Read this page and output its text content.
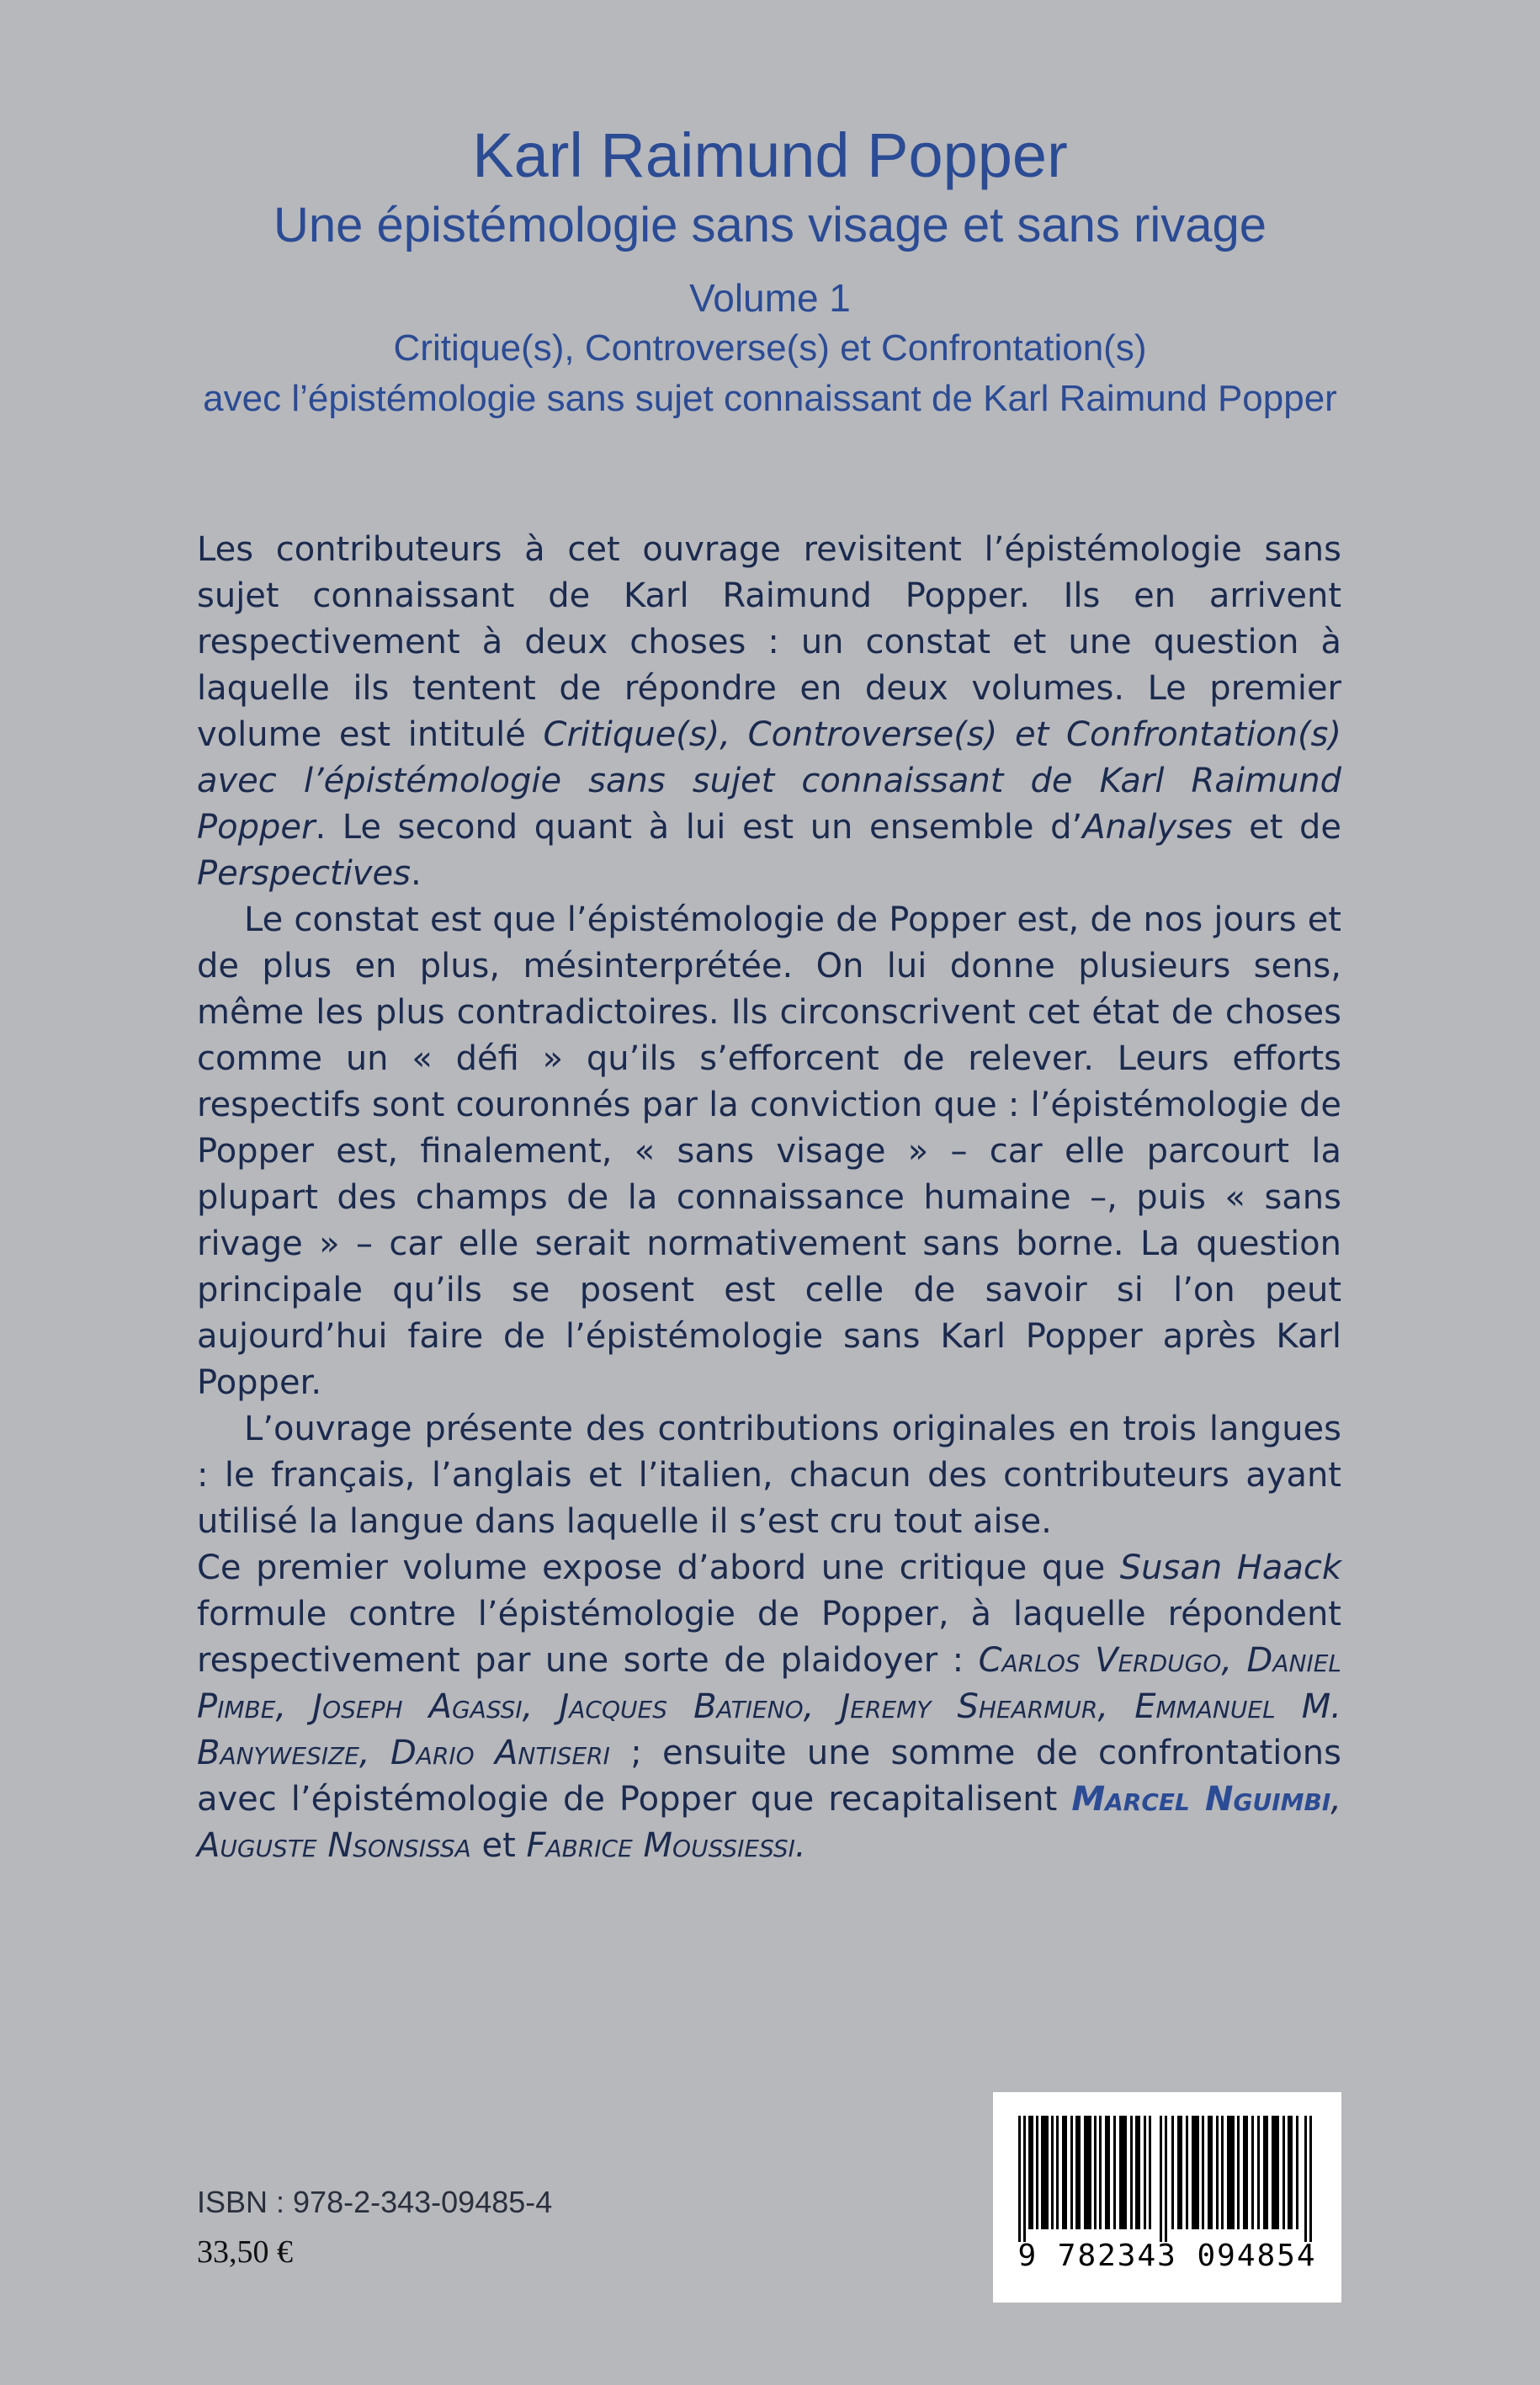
Karl Raimund Popper
Une épistémologie sans visage et sans rivage
Volume 1
Critique(s), Controverse(s) et Confrontation(s)
avec l’épistémologie sans sujet connaissant de Karl Raimund Popper

Les contributeurs à cet ouvrage revisitent l’épistémologie sans sujet connaissant de Karl Raimund Popper. Ils en arrivent respectivement à deux choses : un constat et une question à laquelle ils tentent de répondre en deux volumes. Le premier volume est intitulé Critique(s), Controverse(s) et Confrontation(s) avec l’épistémologie sans sujet connaissant de Karl Raimund Popper. Le second quant à lui est un ensemble d’Analyses et de Perspectives.

Le constat est que l’épistémologie de Popper est, de nos jours et de plus en plus, mésinterprétée. On lui donne plusieurs sens, même les plus contradictoires. Ils circonscrivent cet état de choses comme un « défi » qu’ils s’efforcent de relever. Leurs efforts respectifs sont couronnés par la conviction que : l’épistémologie de Popper est, finalement, « sans visage » – car elle parcourt la plupart des champs de la connaissance humaine –, puis « sans rivage » – car elle serait normativement sans borne. La question principale qu’ils se posent est celle de savoir si l’on peut aujourd’hui faire de l’épistémologie sans Karl Popper après Karl Popper.

L’ouvrage présente des contributions originales en trois langues : le français, l’anglais et l’italien, chacun des contributeurs ayant utilisé la langue dans laquelle il s’est cru tout aise.

Ce premier volume expose d’abord une critique que Susan Haack formule contre l’épistémologie de Popper, à laquelle répondent respectivement par une sorte de plaidoyer : Carlos Verdugo, Daniel Pimbe, Joseph Agassi, Jacques Batieno, Jeremy Shearmur, Emmanuel M. Banywesize, Dario Antiseri ; ensuite une somme de confrontations avec l’épistémologie de Popper que recapitalisent Marcel Nguimbi, Auguste Nsonsissa et Fabrice Moussiessi.

ISBN : 978-2-343-09485-4
33,50 €	9 782343 094854
